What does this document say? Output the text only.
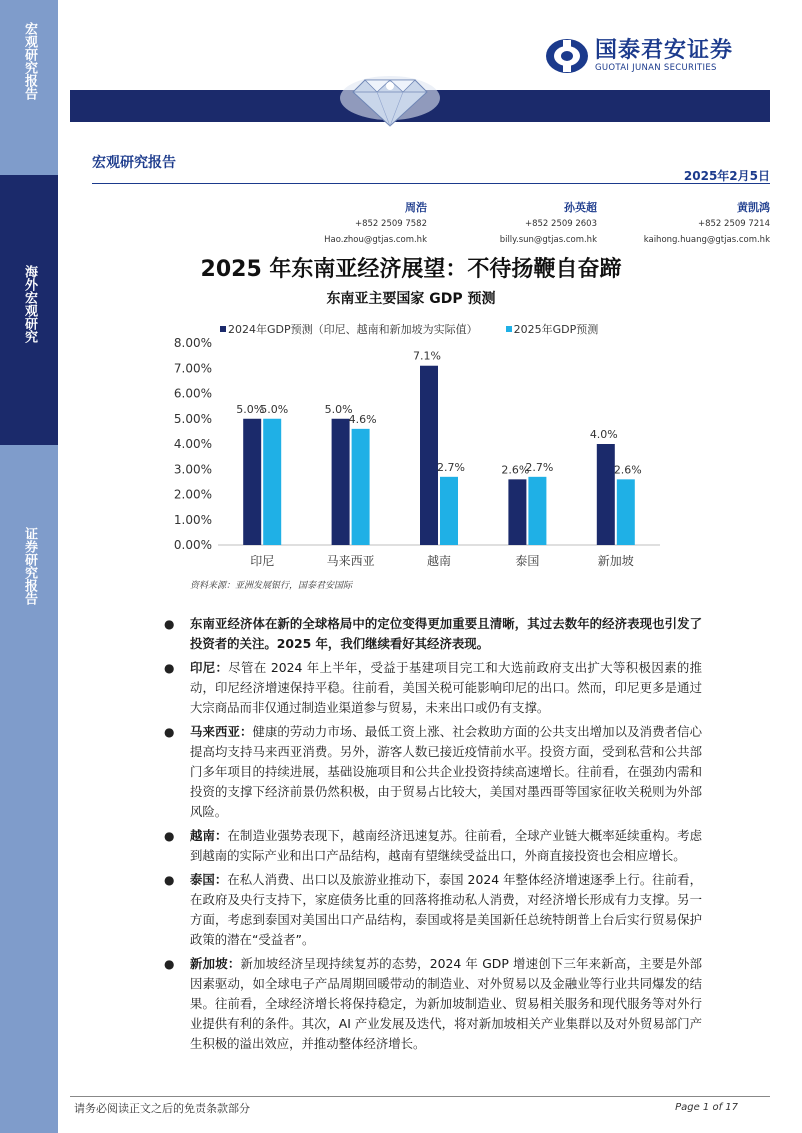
宏观研究报告
海外宏观研究
证券研究报告
国泰君安证券
GUOTAI JUNAN SECURITIES
宏观研究报告
2025年2月5日
周浩
+852 2509 7582
Hao.zhou@gtjas.com.hk
孙英超
+852 2509 2603
billy.sun@gtjas.com.hk
黄凯鸿
+852 2509 7214
kaihong.huang@gtjas.com.hk
2025 年东南亚经济展望：不待扬鞭自奋蹄
东南亚主要国家 GDP 预测
2024年GDP预测（印尼、越南和新加坡为实际值）	2025年GDP预测
0.00%
1.00%
2.00%
3.00%
4.00%
5.00%
6.00%
7.00%
8.00%
5.0%
5.0%
印尼
5.0%
4.6%
马来西亚
7.1%
2.7%
越南
2.6%
2.7%
泰国
4.0%
2.6%
新加坡
资料来源：亚洲发展银行，国泰君安国际
● 东南亚经济体在新的全球格局中的定位变得更加重要且清晰，其过去数年的经济表现也引发了投资者的关注。2025 年，我们继续看好其经济表现。
● 印尼：尽管在 2024 年上半年，受益于基建项目完工和大选前政府支出扩大等积极因素的推动，印尼经济增速保持平稳。往前看，美国关税可能影响印尼的出口。然而，印尼更多是通过大宗商品而非仅通过制造业渠道参与贸易，未来出口或仍有支撑。
● 马来西亚：健康的劳动力市场、最低工资上涨、社会救助方面的公共支出增加以及消费者信心提高均支持马来西亚消费。另外，游客人数已接近疫情前水平。投资方面，受到私营和公共部门多年项目的持续进展，基础设施项目和公共企业投资持续高速增长。往前看，在强劲内需和投资的支撑下经济前景仍然积极，由于贸易占比较大，美国对墨西哥等国家征收关税则为外部风险。
● 越南：在制造业强势表现下，越南经济迅速复苏。往前看，全球产业链大概率延续重构。考虑到越南的实际产业和出口产品结构，越南有望继续受益出口，外商直接投资也会相应增长。
● 泰国：在私人消费、出口以及旅游业推动下，泰国 2024 年整体经济增速逐季上行。往前看，在政府及央行支持下，家庭债务比重的回落将推动私人消费，对经济增长形成有力支撑。另一方面，考虑到泰国对美国出口产品结构，泰国或将是美国新任总统特朗普上台后实行贸易保护政策的潜在“受益者”。
● 新加坡：新加坡经济呈现持续复苏的态势，2024 年 GDP 增速创下三年来新高，主要是外部因素驱动，如全球电子产品周期回暖带动的制造业、对外贸易以及金融业等行业共同爆发的结果。往前看，全球经济增长将保持稳定，为新加坡制造业、贸易相关服务和现代服务等对外行业提供有利的条件。其次，AI 产业发展及迭代，将对新加坡相关产业集群以及对外贸易部门产生积极的溢出效应，并推动整体经济增长。
请务必阅读正文之后的免责条款部分	Page 1 of 17
